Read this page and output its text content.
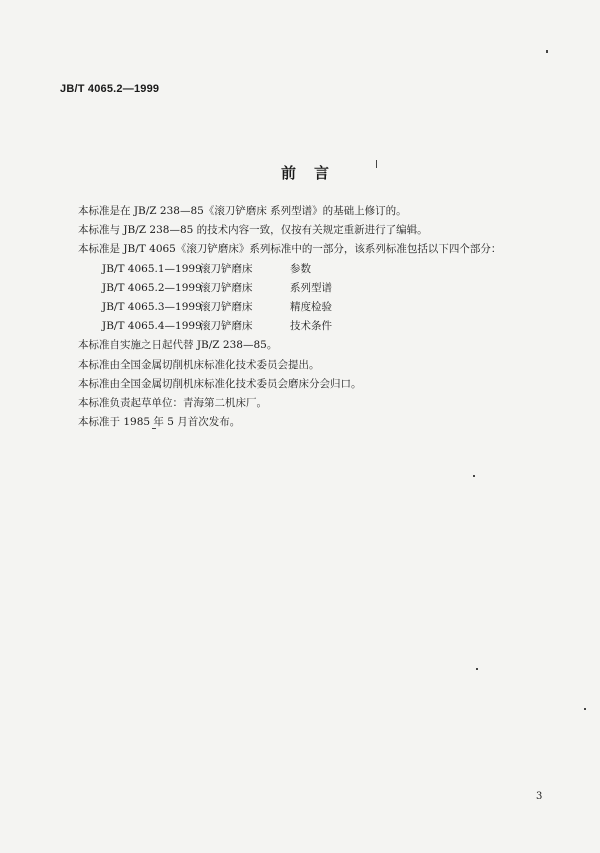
JB/T 4065.2—1999
前言

本标准是在 JB/Z 238—85《滚刀铲磨床 系列型谱》的基础上修订的。

本标准与 JB/Z 238—85 的技术内容一致，仅按有关规定重新进行了编辑。

本标准是 JB/T 4065《滚刀铲磨床》系列标准中的一部分，该系列标准包括以下四个部分：

JB/T 4065.1—1999滚刀铲磨床	参数

JB/T 4065.2—1999滚刀铲磨床	系列型谱

JB/T 4065.3—1999滚刀铲磨床	精度检验

JB/T 4065.4—1999滚刀铲磨床	技术条件

本标准自实施之日起代替 JB/Z 238—85。

本标准由全国金属切削机床标准化技术委员会提出。

本标准由全国金属切削机床标准化技术委员会磨床分会归口。

本标准负责起草单位：青海第二机床厂。

本标准于 1985 年 5 月首次发布。

3
